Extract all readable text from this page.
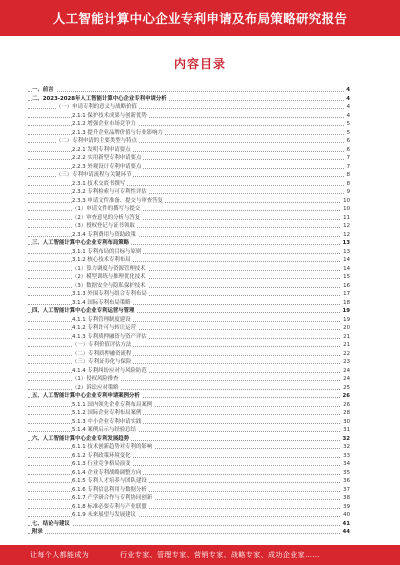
人工智能计算中心企业专利申请及布局策略研究报告
内容目录
一、前言	4
二、2023-2028年人工智能计算中心企业专利申请分析	4
（一）申请专利的意义与战略价值	4
2.1.1 保护技术成果与创新优势	4
2.1.2 增强企业市场竞争力	5
2.1.3 提升企业品牌价值与行业影响力	5
（二）专利申请的主要类型与特点	6
2.2.1 发明专利申请要点	6
2.2.2 实用新型专利申请要点	7
2.2.3 外观设计专利申请要点	7
（三）专利申请流程与关键环节	8
2.3.1 技术交底书撰写	8
2.3.2 专利检索与可专利性评估	9
2.3.3 申请文件准备、提交与审查答复	10
（1）申请文件的撰写与提交	10
（2）审查意见的分析与答复	11
（3）授权登记与证书领取	12
2.3.4 专利费用与资助政策	12
三、人工智能计算中心企业专利布局策略	13
3.1.1 专利布局的目标与原则	13
3.1.2 核心技术专利布局	14
（1）算力调度与资源管理技术	14
（2）模型训练与推理优化技术	15
（3）数据安全与隐私保护技术	16
3.1.3 外围专利与组合专利布局	17
3.1.4 国际专利布局策略	18
四、人工智能计算中心企业专利运营与管理	19
4.1.1 专利管理制度建设	19
4.1.2 专利许可与转让运营	20
4.1.3 专利质押融资与资产评估	21
（一）专利价值评估方法	21
（二）专利质押融资流程	22
（三）专利证券化与保险	23
4.1.4 专利纠纷应对与风险防范	24
（1）侵权风险排查	24
（2）诉讼应对策略	25
五、人工智能计算中心企业专利申请案例分析	26
5.1.1 国内领先企业专利布局案例	26
5.1.2 国际企业专利布局案例	28
5.1.3 中小企业专利申请实践	30
5.1.4 案例启示与经验总结	31
六、人工智能计算中心企业专利发展趋势	32
6.1.1 技术创新趋势对专利的影响	32
6.1.2 专利政策环境变化	33
6.1.3 行业竞争格局演变	34
6.1.4 企业专利战略调整方向	35
6.1.5 专利人才培养与团队建设	36
6.1.6 专利信息利用与数据分析	37
6.1.7 产学研合作与专利协同创新	38
6.1.8 标准必要专利与产业联盟	39
6.1.9 未来展望与发展建议	40
七、结论与建议	41
附录	44
让每个人都能成为	行业专家、管理专家、营销专家、战略专家、成功企业家……
